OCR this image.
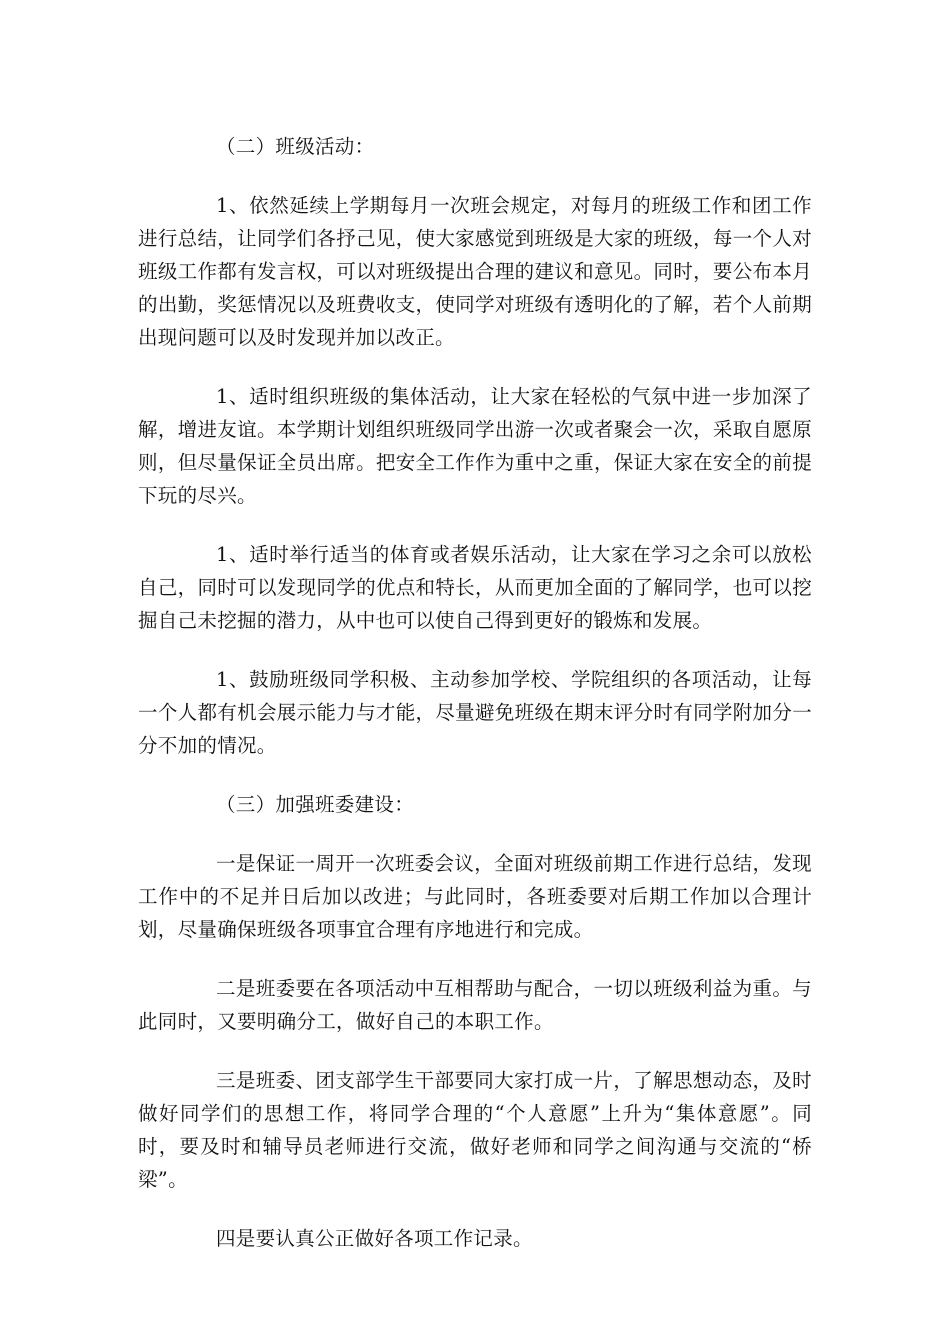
（二）班级活动：

1、依然延续上学期每月一次班会规定，对每月的班级工作和团工作进行总结，让同学们各抒己见，使大家感觉到班级是大家的班级，每一个人对班级工作都有发言权，可以对班级提出合理的建议和意见。同时，要公布本月的出勤，奖惩情况以及班费收支，使同学对班级有透明化的了解，若个人前期出现问题可以及时发现并加以改正。

1、适时组织班级的集体活动，让大家在轻松的气氛中进一步加深了解，增进友谊。本学期计划组织班级同学出游一次或者聚会一次，采取自愿原则，但尽量保证全员出席。把安全工作作为重中之重，保证大家在安全的前提下玩的尽兴。

1、适时举行适当的体育或者娱乐活动，让大家在学习之余可以放松自己，同时可以发现同学的优点和特长，从而更加全面的了解同学，也可以挖掘自己未挖掘的潜力，从中也可以使自己得到更好的锻炼和发展。

1、鼓励班级同学积极、主动参加学校、学院组织的各项活动，让每一个人都有机会展示能力与才能，尽量避免班级在期末评分时有同学附加分一分不加的情况。

（三）加强班委建设：

一是保证一周开一次班委会议，全面对班级前期工作进行总结，发现工作中的不足并日后加以改进；与此同时，各班委要对后期工作加以合理计划，尽量确保班级各项事宜合理有序地进行和完成。

二是班委要在各项活动中互相帮助与配合，一切以班级利益为重。与此同时，又要明确分工，做好自己的本职工作。

三是班委、团支部学生干部要同大家打成一片，了解思想动态，及时做好同学们的思想工作，将同学合理的“个人意愿”上升为“集体意愿”。同时，要及时和辅导员老师进行交流，做好老师和同学之间沟通与交流的“桥梁”。

四是要认真公正做好各项工作记录。
